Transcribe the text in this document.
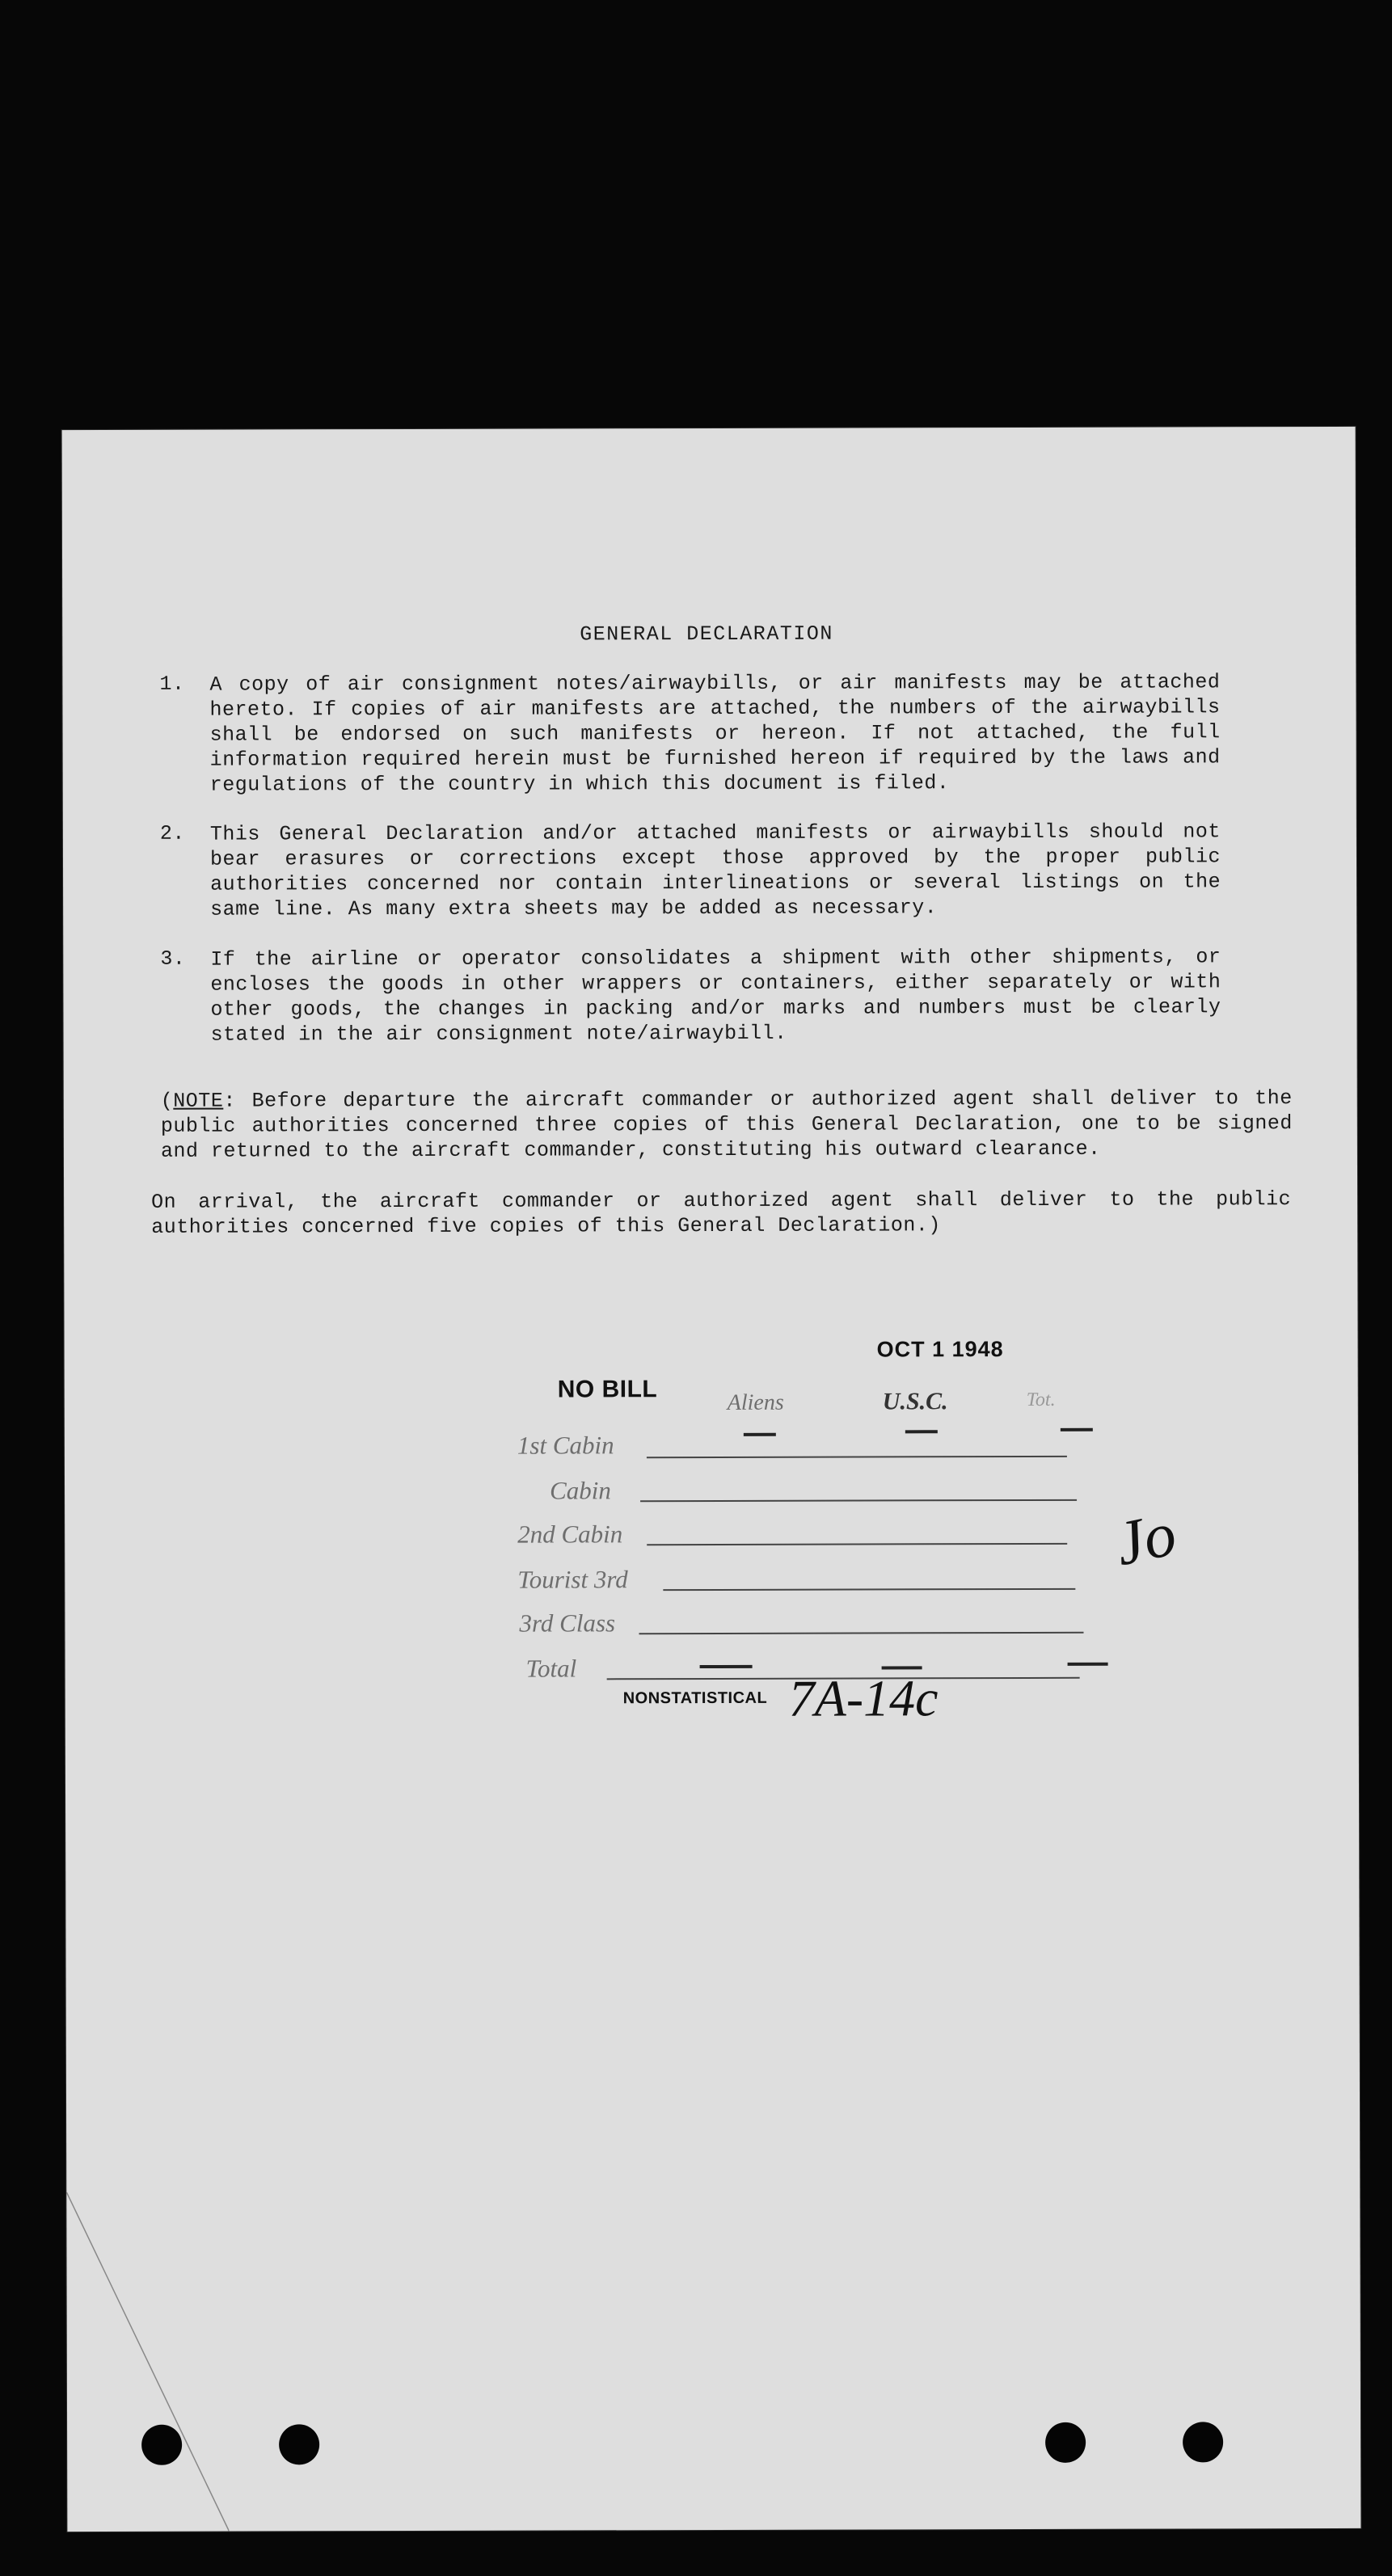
GENERAL DECLARATION
1. A copy of air consignment notes/airwaybills, or air manifests may be attached hereto. If copies of air manifests are attached, the numbers of the airwaybills shall be endorsed on such manifests or hereon. If not attached, the full information required herein must be furnished hereon if required by the laws and regulations of the country in which this document is filed.
2. This General Declaration and/or attached manifests or airwaybills should not bear erasures or corrections except those approved by the proper public authorities concerned nor contain interlineations or several listings on the same line. As many extra sheets may be added as necessary.
3. If the airline or operator consolidates a shipment with other shipments, or encloses the goods in other wrappers or containers, either separately or with other goods, the changes in packing and/or marks and numbers must be clearly stated in the air consignment note/airwaybill.
(NOTE: Before departure the aircraft commander or authorized agent shall deliver to the public authorities concerned three copies of this General Declaration, one to be signed and returned to the aircraft commander, constituting his outward clearance.
On arrival, the aircraft commander or authorized agent shall deliver to the public authorities concerned five copies of this General Declaration.)
NO BILL
OCT 1 1948
Aliens	U.S.C.	Tot.
1st Cabin
Cabin
2nd Cabin
Tourist 3rd
3rd Class
Total
NONSTATISTICAL 7A-14c
Jo
